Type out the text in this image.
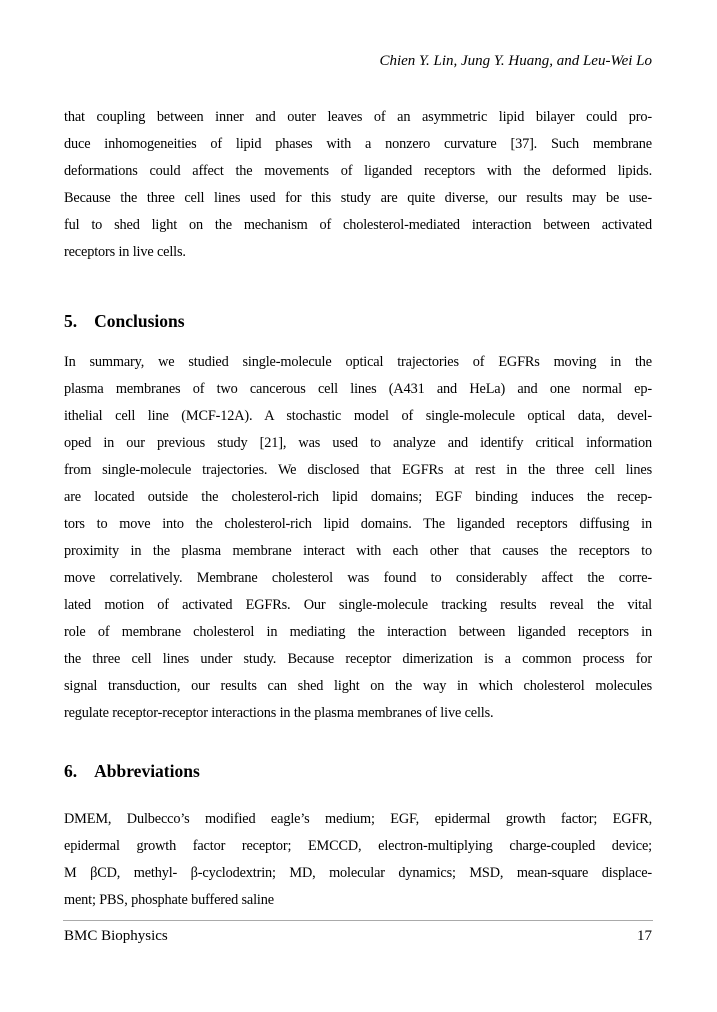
Chien Y. Lin, Jung Y. Huang, and Leu-Wei Lo
that coupling between inner and outer leaves of an asymmetric lipid bilayer could pro-
duce inhomogeneities of lipid phases with a nonzero curvature [37]. Such membrane
deformations could affect the movements of liganded receptors with the deformed lipids.
Because the three cell lines used for this study are quite diverse, our results may be use-
ful to shed light on the mechanism of cholesterol-mediated interaction between activated
receptors in live cells.
5. Conclusions
In summary, we studied single-molecule optical trajectories of EGFRs moving in the
plasma membranes of two cancerous cell lines (A431 and HeLa) and one normal ep-
ithelial cell line (MCF-12A). A stochastic model of single-molecule optical data, devel-
oped in our previous study [21], was used to analyze and identify critical information
from single-molecule trajectories. We disclosed that EGFRs at rest in the three cell lines
are located outside the cholesterol-rich lipid domains; EGF binding induces the recep-
tors to move into the cholesterol-rich lipid domains. The liganded receptors diffusing in
proximity in the plasma membrane interact with each other that causes the receptors to
move correlatively. Membrane cholesterol was found to considerably affect the corre-
lated motion of activated EGFRs. Our single-molecule tracking results reveal the vital
role of membrane cholesterol in mediating the interaction between liganded receptors in
the three cell lines under study. Because receptor dimerization is a common process for
signal transduction, our results can shed light on the way in which cholesterol molecules
regulate receptor-receptor interactions in the plasma membranes of live cells.
6. Abbreviations
DMEM, Dulbecco’s modified eagle’s medium; EGF, epidermal growth factor; EGFR,
epidermal growth factor receptor; EMCCD, electron-multiplying charge-coupled device;
M βCD, methyl- β-cyclodextrin; MD, molecular dynamics; MSD, mean-square displace-
ment; PBS, phosphate buffered saline
BMC Biophysics	17
